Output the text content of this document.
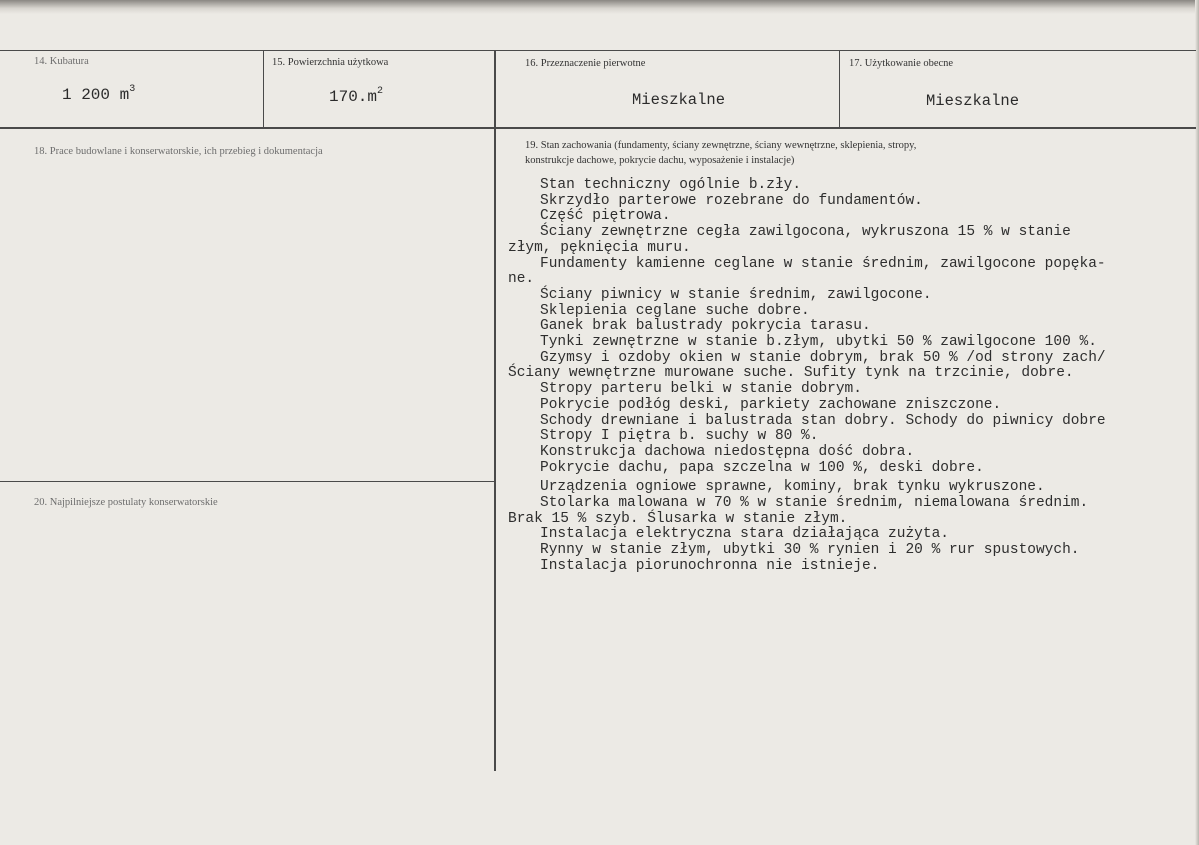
14. Kubatura
1 200 $m^3$
15. Powierzchnia użytkowa
$170.m^2$
16. Przeznaczenie pierwotne
Mieszkalne
17. Użytkowanie obecne
Mieszkalne
18. Prace budowlane i konserwatorskie, ich przebieg i dokumentacja
19. Stan zachowania (fundamenty, ściany zewnętrzne, ściany wewnętrzne, sklepienia, stropy,
konstrukcje dachowe, pokrycie dachu, wyposażenie i instalacje)
Stan techniczny ogólnie b.zły.
Skrzydło parterowe rozebrane do fundamentów.
Część piętrowa.
Ściany zewnętrzne cegła zawilgocona, wykruszona 15 % w stanie
złym, pęknięcia muru.
Fundamenty kamienne ceglane w stanie średnim, zawilgocone popęka-
ne.
Ściany piwnicy w stanie średnim, zawilgocone.
Sklepienia ceglane suche dobre.
Ganek brak balustrady pokrycia tarasu.
Tynki zewnętrzne w stanie b.złym, ubytki 50 % zawilgocone 100 %.
Gzymsy i ozdoby okien w stanie dobrym, brak 50 % /od strony zach/
Ściany wewnętrzne murowane suche. Sufity tynk na trzcinie, dobre.
Stropy parteru belki w stanie dobrym.
Pokrycie podłóg deski, parkiety zachowane zniszczone.
Schody drewniane i balustrada stan dobry. Schody do piwnicy dobre
Stropy I piętra b. suchy w 80 %.
Konstrukcja dachowa niedostępna dość dobra.
Pokrycie dachu, papa szczelna w 100 %, deski dobre.
Urządzenia ogniowe sprawne, kominy, brak tynku wykruszone.
Stolarka malowana w 70 % w stanie średnim, niemalowana średnim.
Brak 15 % szyb. Ślusarka w stanie złym.
Instalacja elektryczna stara działająca zużyta.
Rynny w stanie złym, ubytki 30 % rynien i 20 % rur spustowych.
Instalacja piorunochronna nie istnieje.
20. Najpilniejsze postulaty konserwatorskie
